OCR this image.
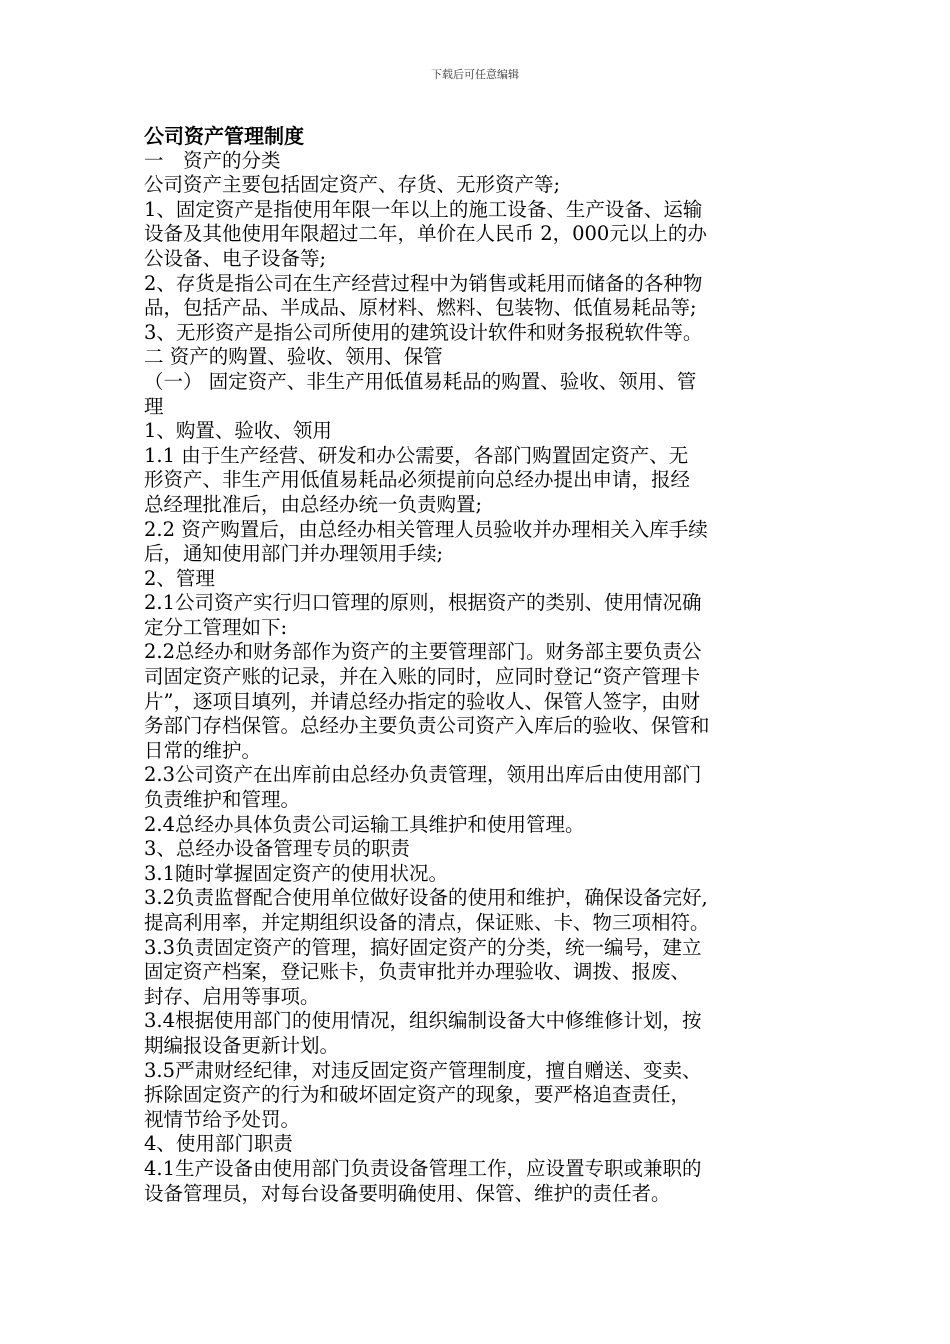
下载后可任意编辑
公司资产管理制度
一　资产的分类
公司资产主要包括固定资产、存货、无形资产等;
1、固定资产是指使用年限一年以上的施工设备、生产设备、运输
设备及其他使用年限超过二年，单价在人民币 2，000元以上的办
公设备、电子设备等;
2、存货是指公司在生产经营过程中为销售或耗用而储备的各种物
品，包括产品、半成品、原材料、燃料、包装物、低值易耗品等;
3、无形资产是指公司所使用的建筑设计软件和财务报税软件等。
二 资产的购置、验收、领用、保管
（一） 固定资产、非生产用低值易耗品的购置、验收、领用、管
理
1、购置、验收、领用
1.1 由于生产经营、研发和办公需要，各部门购置固定资产、无
形资产、非生产用低值易耗品必须提前向总经办提出申请，报经
总经理批准后，由总经办统一负责购置;
2.2 资产购置后，由总经办相关管理人员验收并办理相关入库手续
后，通知使用部门并办理领用手续;
2、管理
2.1公司资产实行归口管理的原则，根据资产的类别、使用情况确
定分工管理如下:
2.2总经办和财务部作为资产的主要管理部门。财务部主要负责公
司固定资产账的记录，并在入账的同时，应同时登记“资产管理卡
片”，逐项目填列，并请总经办指定的验收人、保管人签字，由财
务部门存档保管。总经办主要负责公司资产入库后的验收、保管和
日常的维护。
2.3公司资产在出库前由总经办负责管理，领用出库后由使用部门
负责维护和管理。
2.4总经办具体负责公司运输工具维护和使用管理。
3、总经办设备管理专员的职责
3.1随时掌握固定资产的使用状况。
3.2负责监督配合使用单位做好设备的使用和维护，确保设备完好,
提高利用率，并定期组织设备的清点，保证账、卡、物三项相符。
3.3负责固定资产的管理，搞好固定资产的分类，统一编号，建立
固定资产档案，登记账卡，负责审批并办理验收、调拨、报废、
封存、启用等事项。
3.4根据使用部门的使用情况，组织编制设备大中修维修计划，按
期编报设备更新计划。
3.5严肃财经纪律，对违反固定资产管理制度，擅自赠送、变卖、
拆除固定资产的行为和破坏固定资产的现象，要严格追查责任，
视情节给予处罚。
4、使用部门职责
4.1生产设备由使用部门负责设备管理工作，应设置专职或兼职的
设备管理员，对每台设备要明确使用、保管、维护的责任者。
